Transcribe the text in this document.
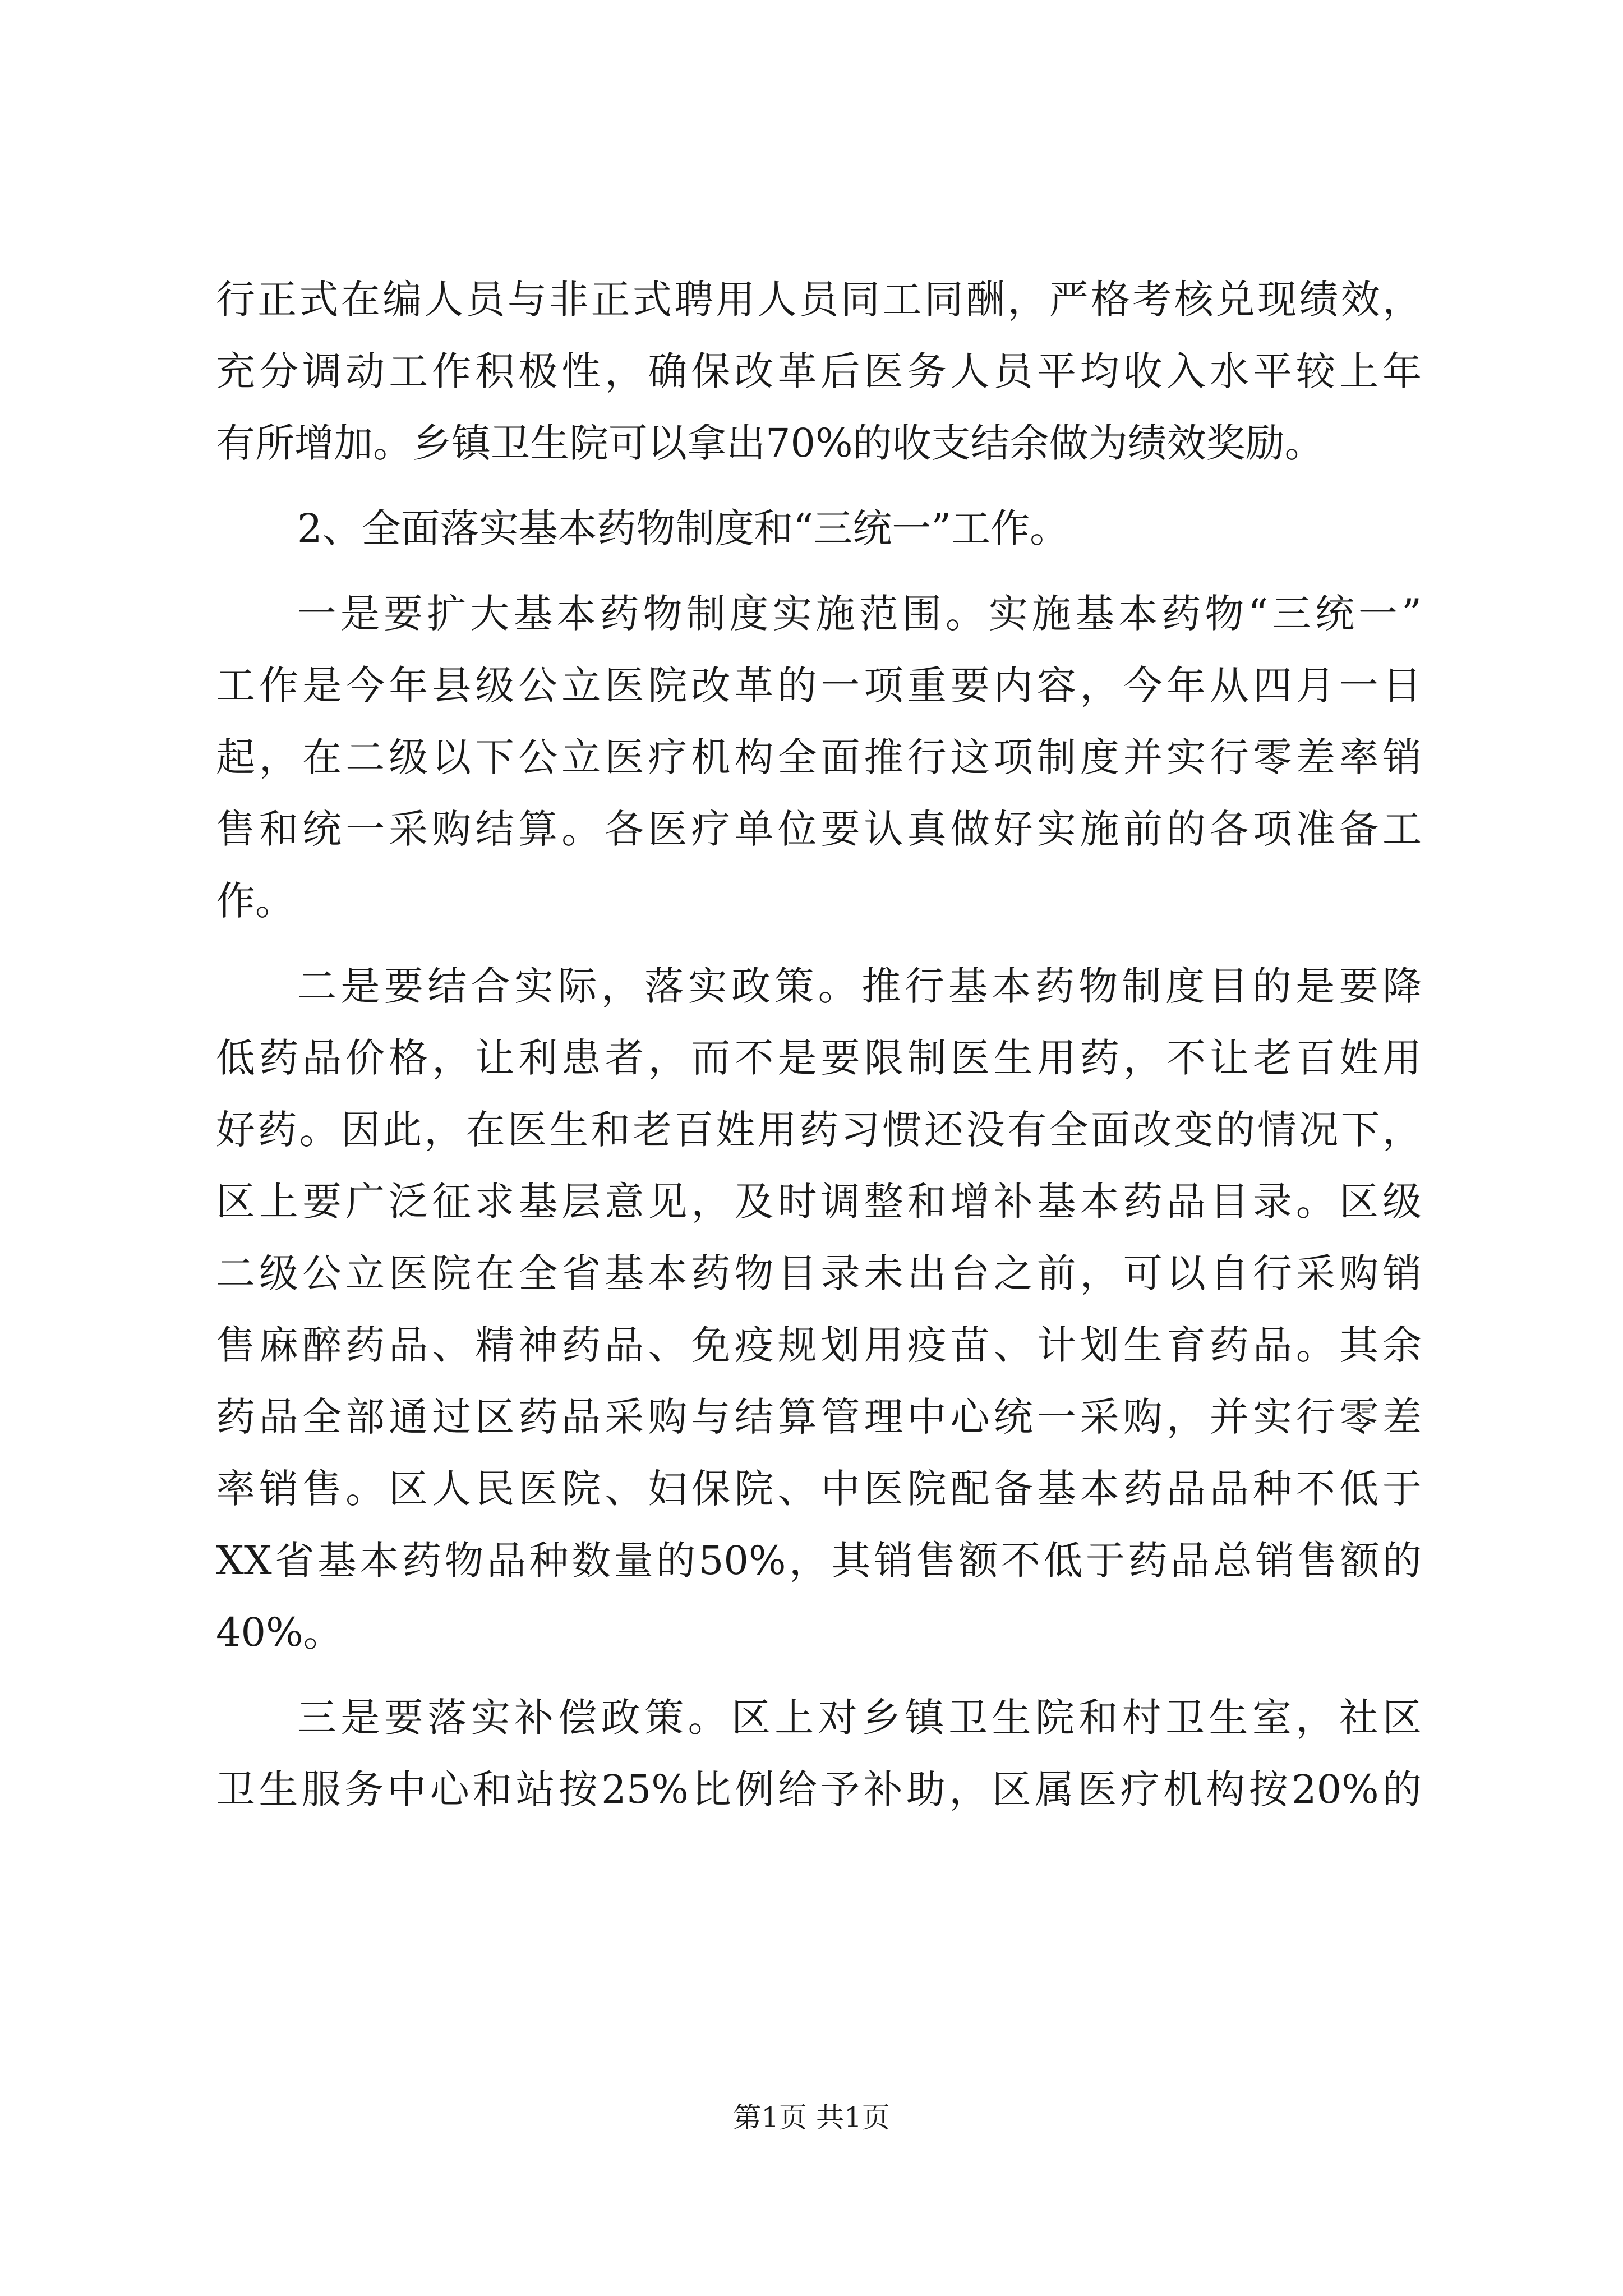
行正式在编人员与非正式聘用人员同工同酬，严格考核兑现绩效，
充分调动工作积极性，确保改革后医务人员平均收入水平较上年
有所增加。乡镇卫生院可以拿出70%的收支结余做为绩效奖励。
2、全面落实基本药物制度和“三统一”工作。
一是要扩大基本药物制度实施范围。实施基本药物“三统一”
工作是今年县级公立医院改革的一项重要内容，今年从四月一日
起，在二级以下公立医疗机构全面推行这项制度并实行零差率销
售和统一采购结算。各医疗单位要认真做好实施前的各项准备工
作。
二是要结合实际，落实政策。推行基本药物制度目的是要降
低药品价格，让利患者，而不是要限制医生用药，不让老百姓用
好药。因此，在医生和老百姓用药习惯还没有全面改变的情况下，
区上要广泛征求基层意见，及时调整和增补基本药品目录。区级
二级公立医院在全省基本药物目录未出台之前，可以自行采购销
售麻醉药品、精神药品、免疫规划用疫苗、计划生育药品。其余
药品全部通过区药品采购与结算管理中心统一采购，并实行零差
率销售。区人民医院、妇保院、中医院配备基本药品品种不低于
XX省基本药物品种数量的50%，其销售额不低于药品总销售额的
40%。
三是要落实补偿政策。区上对乡镇卫生院和村卫生室，社区
卫生服务中心和站按25%比例给予补助，区属医疗机构按20%的
第1页 共1页
